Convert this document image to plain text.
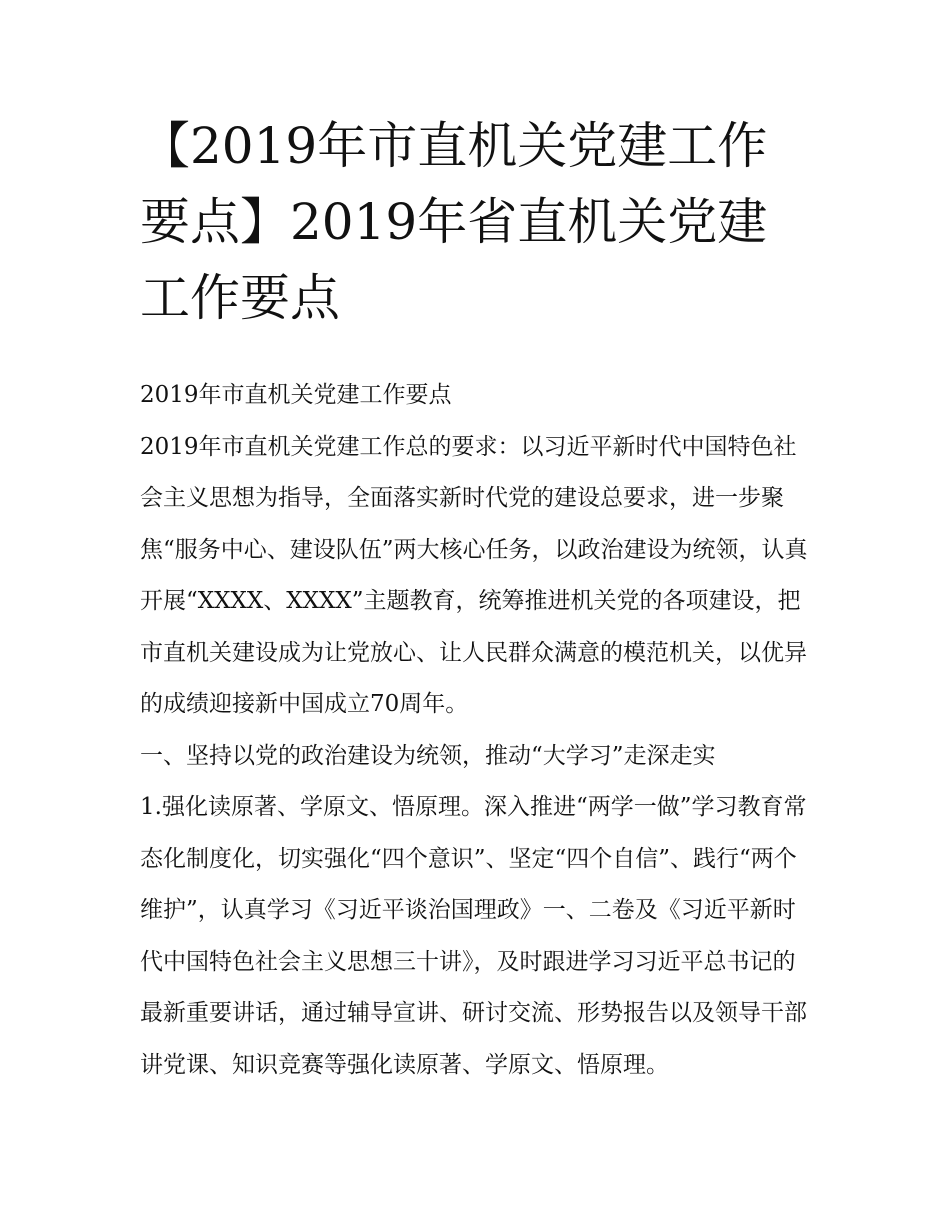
【2019年市直机关党建工作要点】2019年省直机关党建工作要点

2019年市直机关党建工作要点

2019年市直机关党建工作总的要求：以习近平新时代中国特色社会主义思想为指导，全面落实新时代党的建设总要求，进一步聚焦“服务中心、建设队伍”两大核心任务，以政治建设为统领，认真开展“XXXX、XXXX”主题教育，统筹推进机关党的各项建设，把市直机关建设成为让党放心、让人民群众满意的模范机关，以优异的成绩迎接新中国成立70周年。

一、坚持以党的政治建设为统领，推动“大学习”走深走实

1.强化读原著、学原文、悟原理。深入推进“两学一做”学习教育常态化制度化，切实强化“四个意识”、坚定“四个自信”、践行“两个维护”，认真学习《习近平谈治国理政》一、二卷及《习近平新时代中国特色社会主义思想三十讲》，及时跟进学习习近平总书记的最新重要讲话，通过辅导宣讲、研讨交流、形势报告以及领导干部讲党课、知识竞赛等强化读原著、学原文、悟原理。
